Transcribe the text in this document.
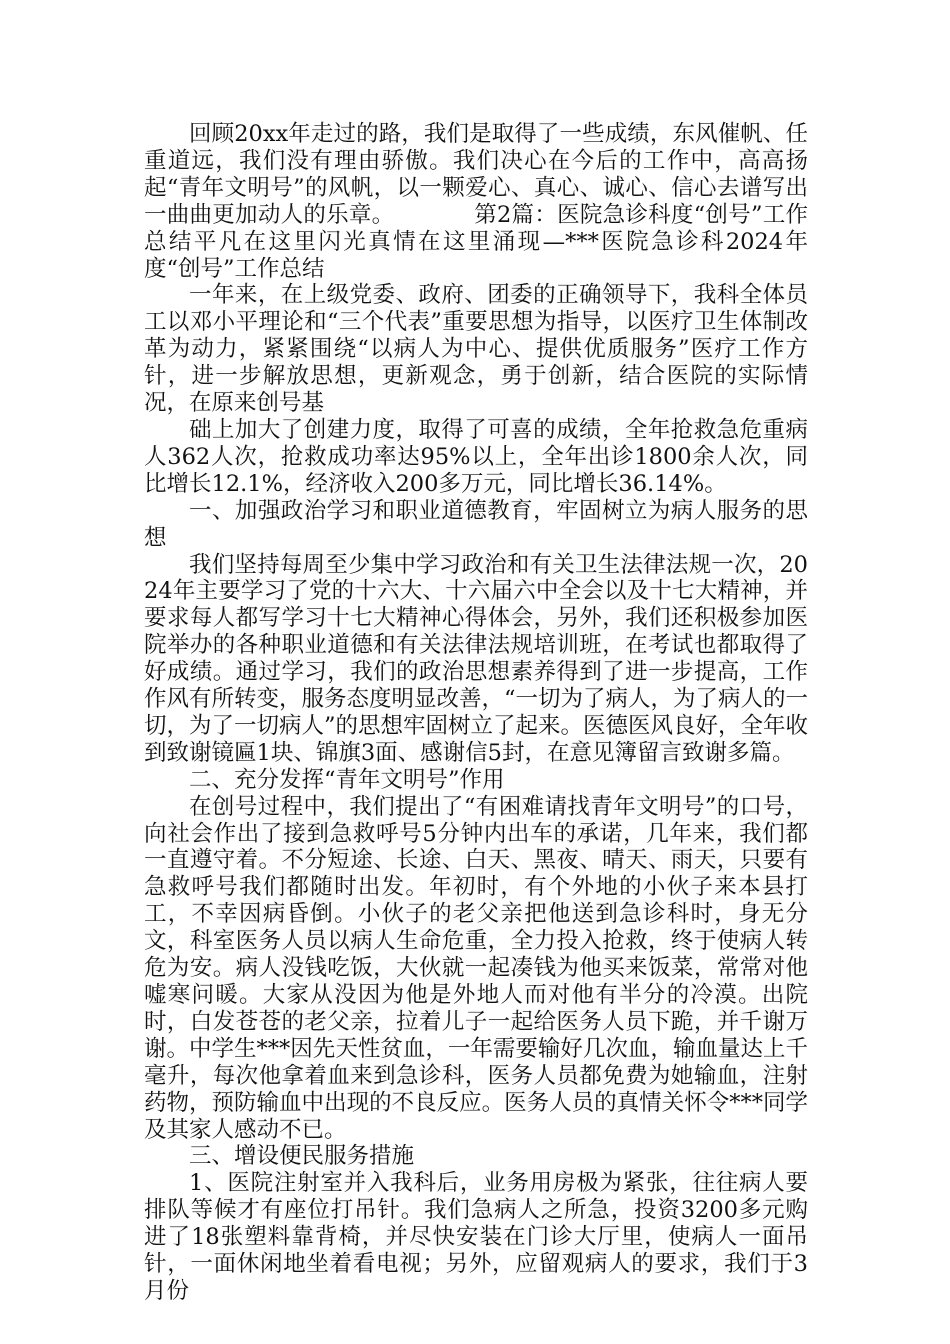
回顾20xx年走过的路，我们是取得了一些成绩，东风催帆、任重道远，我们没有理由骄傲。我们决心在今后的工作中，高高扬起“青年文明号”的风帆，以一颗爱心、真心、诚心、信心去谱写出一曲曲更加动人的乐章。　　　　第2篇：医院急诊科度“创号”工作总结平凡在这里闪光真情在这里涌现—***医院急诊科2024年度“创号”工作总结

一年来，在上级党委、政府、团委的正确领导下，我科全体员工以邓小平理论和“三个代表”重要思想为指导，以医疗卫生体制改革为动力，紧紧围绕“以病人为中心、提供优质服务”医疗工作方针，进一步解放思想，更新观念，勇于创新，结合医院的实际情况，在原来创号基

础上加大了创建力度，取得了可喜的成绩，全年抢救急危重病人362人次，抢救成功率达95%以上，全年出诊1800余人次，同比增长12.1%，经济收入200多万元，同比增长36.14%。

一、加强政治学习和职业道德教育，牢固树立为病人服务的思想

我们坚持每周至少集中学习政治和有关卫生法律法规一次，2024年主要学习了党的十六大、十六届六中全会以及十七大精神，并要求每人都写学习十七大精神心得体会，另外，我们还积极参加医院举办的各种职业道德和有关法律法规培训班，在考试也都取得了好成绩。通过学习，我们的政治思想素养得到了进一步提高，工作作风有所转变，服务态度明显改善，“一切为了病人，为了病人的一切，为了一切病人”的思想牢固树立了起来。医德医风良好，全年收到致谢镜匾1块、锦旗3面、感谢信5封，在意见簿留言致谢多篇。

二、充分发挥“青年文明号”作用

在创号过程中，我们提出了“有困难请找青年文明号”的口号，向社会作出了接到急救呼号5分钟内出车的承诺，几年来，我们都一直遵守着。不分短途、长途、白天、黑夜、晴天、雨天，只要有急救呼号我们都随时出发。年初时，有个外地的小伙子来本县打工，不幸因病昏倒。小伙子的老父亲把他送到急诊科时，身无分文，科室医务人员以病人生命危重，全力投入抢救，终于使病人转危为安。病人没钱吃饭，大伙就一起凑钱为他买来饭菜，常常对他嘘寒问暖。大家从没因为他是外地人而对他有半分的冷漠。出院时，白发苍苍的老父亲，拉着儿子一起给医务人员下跪，并千谢万谢。中学生***因先天性贫血，一年需要输好几次血，输血量达上千毫升，每次他拿着血来到急诊科，医务人员都免费为她输血，注射药物，预防输血中出现的不良反应。医务人员的真情关怀令***同学及其家人感动不已。

三、增设便民服务措施

1、医院注射室并入我科后，业务用房极为紧张，往往病人要排队等候才有座位打吊针。我们急病人之所急，投资3200多元购进了18张塑料靠背椅，并尽快安装在门诊大厅里，使病人一面吊针，一面休闲地坐着看电视；另外，应留观病人的要求，我们于3月份
